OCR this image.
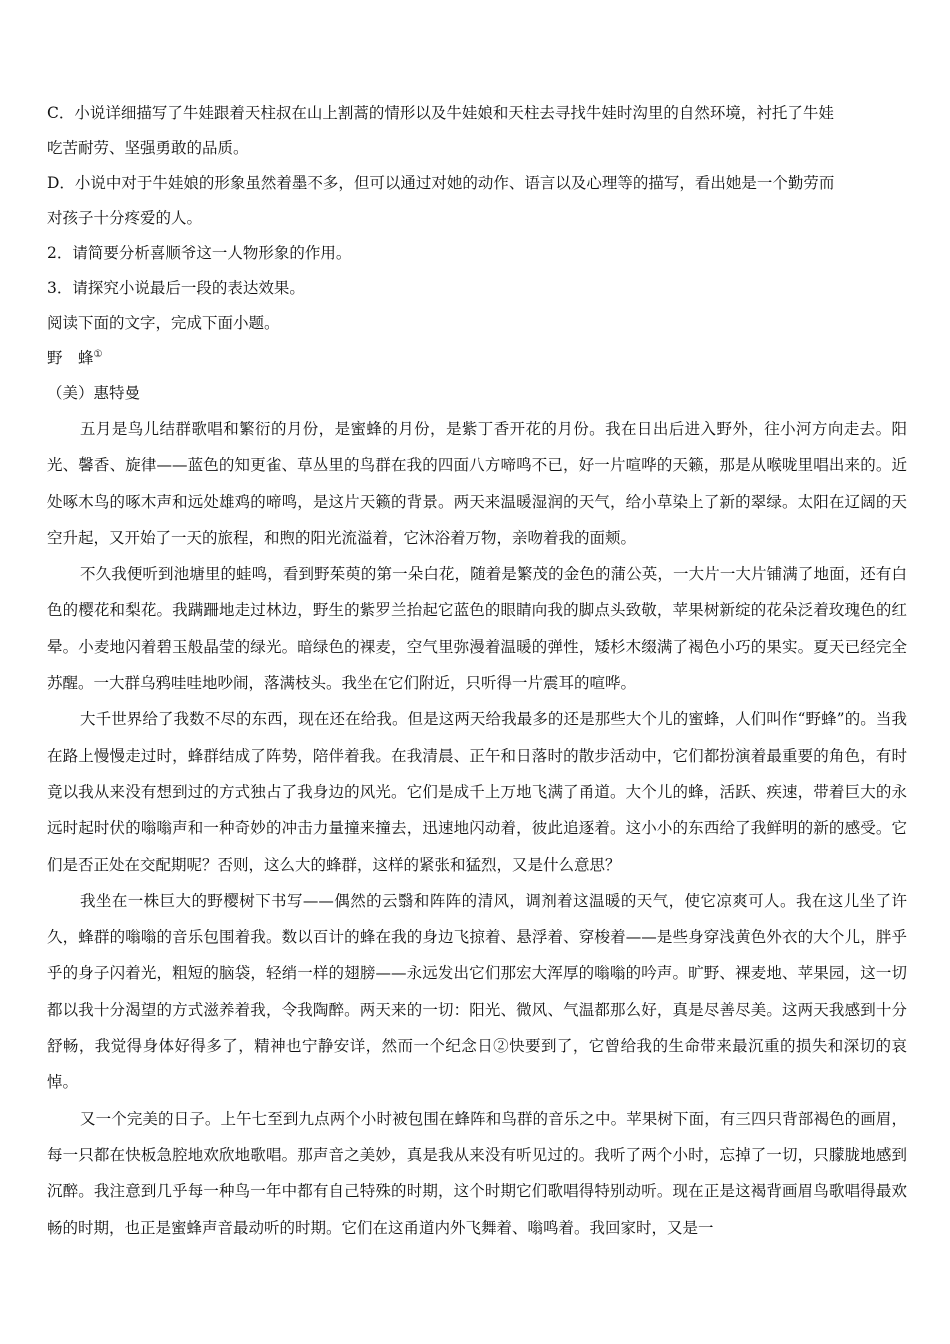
C．小说详细描写了牛娃跟着天柱叔在山上割蒿的情形以及牛娃娘和天柱去寻找牛娃时沟里的自然环境，衬托了牛娃

吃苦耐劳、坚强勇敢的品质。

D．小说中对于牛娃娘的形象虽然着墨不多，但可以通过对她的动作、语言以及心理等的描写，看出她是一个勤劳而

对孩子十分疼爱的人。

2．请简要分析喜顺爷这一人物形象的作用。

3．请探究小说最后一段的表达效果。

阅读下面的文字，完成下面小题。

野　蜂①

（美）惠特曼

五月是鸟儿结群歌唱和繁衍的月份，是蜜蜂的月份，是紫丁香开花的月份。我在日出后进入野外，往小河方向走去。阳光、馨香、旋律——蓝色的知更雀、草丛里的鸟群在我的四面八方啼鸣不已，好一片喧哗的天籁，那是从喉咙里唱出来的。近处啄木鸟的啄木声和远处雄鸡的啼鸣，是这片天籁的背景。两天来温暖湿润的天气，给小草染上了新的翠绿。太阳在辽阔的天空升起，又开始了一天的旅程，和煦的阳光流溢着，它沐浴着万物，亲吻着我的面颊。

不久我便听到池塘里的蛙鸣，看到野茱萸的第一朵白花，随着是繁茂的金色的蒲公英，一大片一大片铺满了地面，还有白色的樱花和梨花。我蹒跚地走过林边，野生的紫罗兰抬起它蓝色的眼睛向我的脚点头致敬，苹果树新绽的花朵泛着玫瑰色的红晕。小麦地闪着碧玉般晶莹的绿光。暗绿色的裸麦，空气里弥漫着温暖的弹性，矮杉木缀满了褐色小巧的果实。夏天已经完全苏醒。一大群乌鸦哇哇地吵闹，落满枝头。我坐在它们附近，只听得一片震耳的喧哗。

大千世界给了我数不尽的东西，现在还在给我。但是这两天给我最多的还是那些大个儿的蜜蜂，人们叫作“野蜂”的。当我在路上慢慢走过时，蜂群结成了阵势，陪伴着我。在我清晨、正午和日落时的散步活动中，它们都扮演着最重要的角色，有时竟以我从来没有想到过的方式独占了我身边的风光。它们是成千上万地飞满了甬道。大个儿的蜂，活跃、疾速，带着巨大的永远时起时伏的嗡嗡声和一种奇妙的冲击力量撞来撞去，迅速地闪动着，彼此追逐着。这小小的东西给了我鲜明的新的感受。它们是否正处在交配期呢？否则，这么大的蜂群，这样的紧张和猛烈，又是什么意思？

我坐在一株巨大的野樱树下书写——偶然的云翳和阵阵的清风，调剂着这温暖的天气，使它凉爽可人。我在这儿坐了许久，蜂群的嗡嗡的音乐包围着我。数以百计的蜂在我的身边飞掠着、悬浮着、穿梭着——是些身穿浅黄色外衣的大个儿，胖乎乎的身子闪着光，粗短的脑袋，轻绡一样的翅膀——永远发出它们那宏大浑厚的嗡嗡的吟声。旷野、裸麦地、苹果园，这一切都以我十分渴望的方式滋养着我，令我陶醉。两天来的一切：阳光、微风、气温都那么好，真是尽善尽美。这两天我感到十分舒畅，我觉得身体好得多了，精神也宁静安详，然而一个纪念日②快要到了，它曾给我的生命带来最沉重的损失和深切的哀悼。

又一个完美的日子。上午七至到九点两个小时被包围在蜂阵和鸟群的音乐之中。苹果树下面，有三四只背部褐色的画眉，每一只都在快板急腔地欢欣地歌唱。那声音之美妙，真是我从来没有听见过的。我听了两个小时，忘掉了一切，只朦胧地感到沉醉。我注意到几乎每一种鸟一年中都有自己特殊的时期，这个时期它们歌唱得特别动听。现在正是这褐背画眉鸟歌唱得最欢畅的时期，也正是蜜蜂声音最动听的时期。它们在这甬道内外飞舞着、嗡鸣着。我回家时，又是一
